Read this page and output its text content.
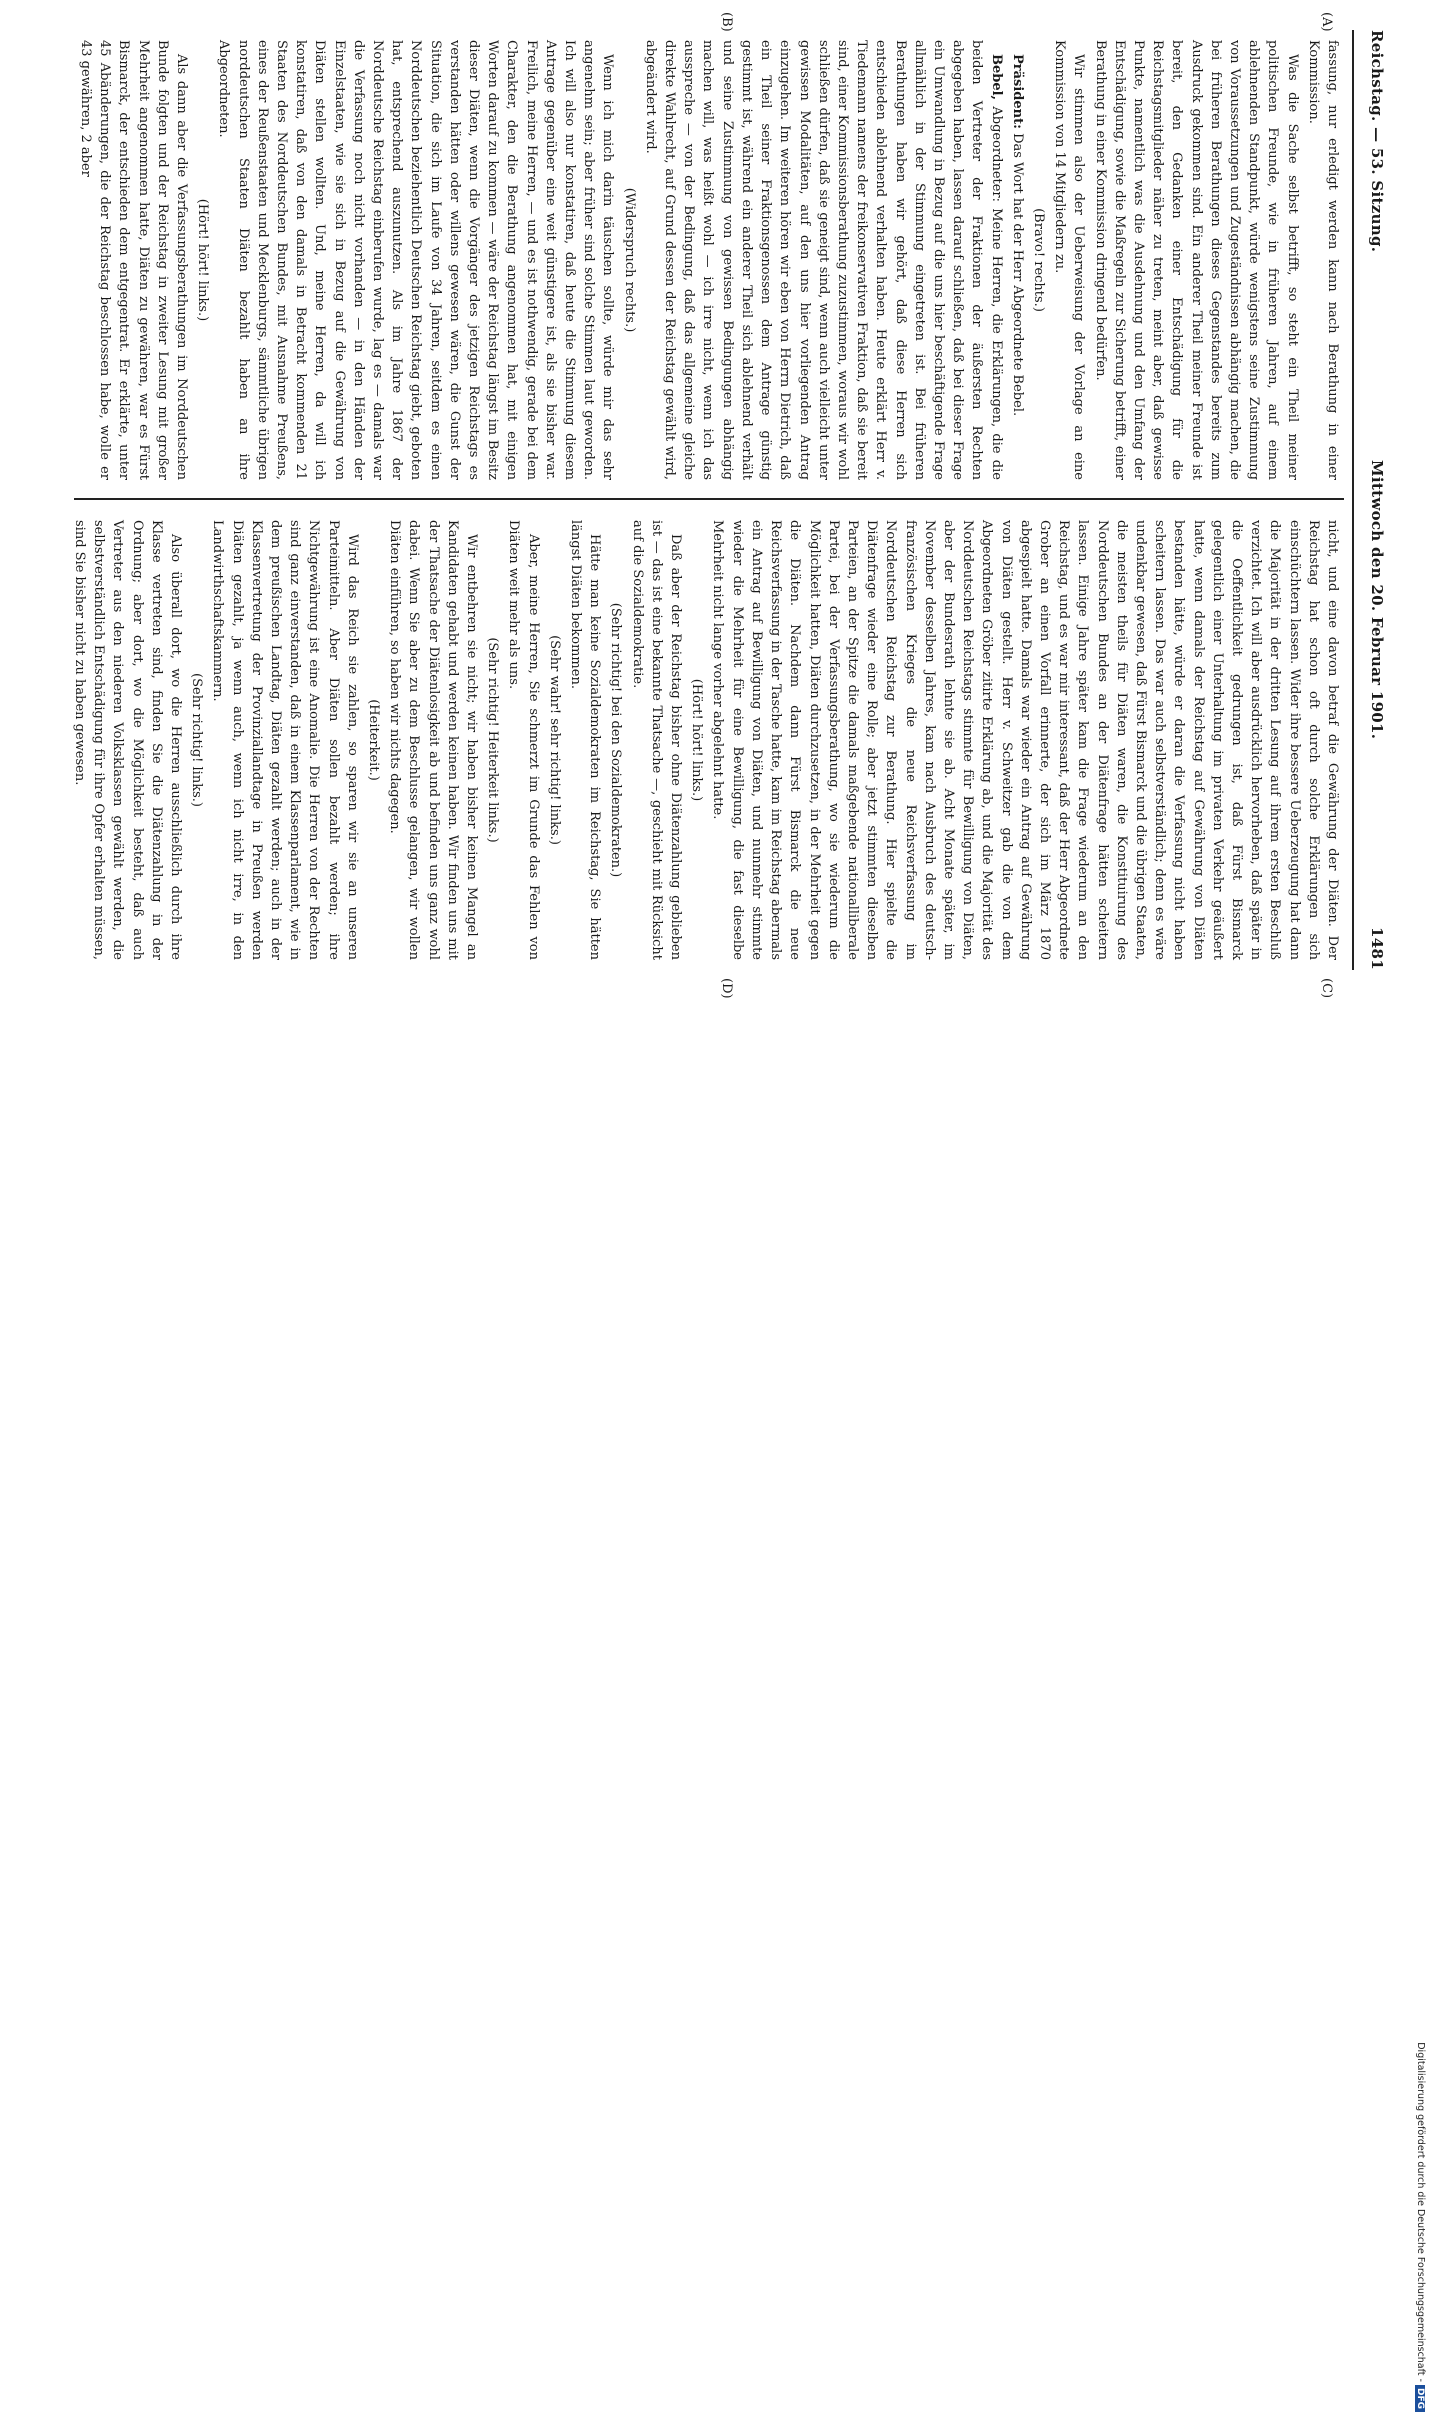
Reichstag. — 53. Sitzung.
Mittwoch den 20. Februar 1901.
1481
(A)
(B)
(C)
(D)

fassung, nur erledigt werden kann nach Berathung in einer Kommission.

Was die Sache selbst betrifft, so steht ein Theil meiner politischen Freunde, wie in früheren Jahren, auf einem ablehnenden Standpunkt, würde wenigstens seine Zustimmung von Voraussetzungen und Zugeständnissen abhängig machen, die bei früheren Berathungen dieses Gegenstandes bereits zum Ausdruck gekommen sind. Ein anderer Theil meiner Freunde ist bereit, den Gedanken einer Entschädigung für die Reichstagsmitglieder näher zu treten, meint aber, daß gewisse Punkte, namentlich was die Ausdehnung und den Umfang der Entschädigung, sowie die Maßregeln zur Sicherung betrifft, einer Berathung in einer Kommission dringend bedürfen.

Wir stimmen also der Ueberweisung der Vorlage an eine Kommission von 14 Mitgliedern zu.

(Bravo! rechts.)

Präsident: Das Wort hat der Herr Abgeordnete Bebel.

Bebel, Abgeordneter: Meine Herren, die Erklärungen, die die beiden Vertreter der Fraktionen der äußersten Rechten abgegeben haben, lassen darauf schließen, daß bei dieser Frage ein Umwandlung in Bezug auf die uns hier beschäftigende Frage allmählich in der Stimmung eingetreten ist. Bei früheren Berathungen haben wir gehört, daß diese Herren sich entschieden ablehnend verhalten haben. Heute erklärt Herr v. Tiedemann namens der freikonservativen Fraktion, daß sie bereit sind, einer Kommissionsberathung zuzustimmen, woraus wir wohl schließen dürfen, daß sie geneigt sind, wenn auch vielleicht unter gewissen Modalitäten, auf den uns hier vorliegenden Antrag einzugehen. Im weiteren hören wir eben von Herrn Dietrich, daß ein Theil seiner Fraktionsgenossen dem Antrage günstig gestimmt ist, während ein anderer Theil sich ablehnend verhält und seine Zustimmung von gewissen Bedingungen abhängig machen will, was heißt wohl — ich irre nicht, wenn ich das ausspreche — von der Bedingung, daß das allgemeine gleiche direkte Wahlrecht, auf Grund dessen der Reichstag gewählt wird, abgeändert wird.

(Widerspruch rechts.)

Wenn ich mich darin täuschen sollte, würde mir das sehr angenehm sein; aber früher sind solche Stimmen laut geworden. Ich will also nur konstatiren, daß heute die Stimmung diesem Antrage gegenüber eine weit günstigere ist, als sie bisher war. Freilich, meine Herren, — und es ist nothwendig, gerade bei dem Charakter, den die Berathung angenommen hat, mit einigen Worten darauf zu kommen — wäre der Reichstag längst im Besitz dieser Diäten, wenn die Vorgänger des jetzigen Reichstags es verstanden hätten oder willens gewesen wären, die Gunst der Situation, die sich im Laufe von 34 Jahren, seitdem es einen Norddeutschen beziehentlich Deutschen Reichstag giebt, geboten hat, entsprechend auszunutzen. Als im Jahre 1867 der Norddeutsche Reichstag einberufen wurde, lag es — damals war die Verfassung noch nicht vorhanden — in den Händen der Einzelstaaten, wie sie sich in Bezug auf die Gewährung von Diäten stellen wollten. Und, meine Herren, da will ich konstatiren, daß von den damals in Betracht kommenden 21 Staaten des Norddeutschen Bundes, mit Ausnahme Preußens, eines der Reußenstaaten und Mecklenburgs, sämmtliche übrigen norddeutschen Staaten Diäten bezahlt haben an ihre Abgeordneten.

(Hört! hört! links.)

Als dann aber die Verfassungsberathungen im Norddeutschen Bunde folgten und der Reichstag in zweiter Lesung mit großer Mehrheit angenommen hatte, Diäten zu gewähren, war es Fürst Bismarck, der entschieden dem entgegentrat. Er erklärte, unter 45 Abänderungen, die der Reichstag beschlossen habe, wolle er 43 gewähren, 2 aber

nicht, und eine davon betraf die Gewährung der Diäten. Der Reichstag hat schon oft durch solche Erklärungen sich einschüchtern lassen. Wider ihre bessere Ueberzeugung hat dann die Majorität in der dritten Lesung auf ihrem ersten Beschluß verzichtet. Ich will aber ausdrücklich hervorheben, daß später in die Oeffentlichkeit gedrungen ist, daß Fürst Bismarck gelegentlich einer Unterhaltung im privaten Verkehr geäußert hatte, wenn damals der Reichstag auf Gewährung von Diäten bestanden hätte, würde er daran die Verfassung nicht haben scheitern lassen. Das war auch selbstverständlich; denn es wäre undenkbar gewesen, daß Fürst Bismarck und die übrigen Staaten, die meisten theils für Diäten waren, die Konstituirung des Norddeutschen Bundes an der Diätenfrage hätten scheitern lassen. Einige Jahre später kam die Frage wiederum an den Reichstag, und es war mir interessant, daß der Herr Abgeordnete Grober an einen Vorfall erinnerte, der sich im März 1870 abgespielt hatte. Damals war wieder ein Antrag auf Gewährung von Diäten gestellt. Herr v. Schweitzer gab die von dem Abgeordneten Gröber zitirte Erklärung ab, und die Majorität des Norddeutschen Reichstags stimmte für Bewilligung von Diäten, aber der Bundesrath lehnte sie ab. Acht Monate später, im November desselben Jahres, kam nach Ausbruch des deutsch-französischen Krieges die neue Reichsverfassung im Norddeutschen Reichstag zur Berathung. Hier spielte die Diätenfrage wieder eine Rolle; aber jetzt stimmten dieselben Parteien, an der Spitze die damals maßgebende nationalliberale Partei, bei der Verfassungsberathung, wo sie wiederum die Möglichkeit hatten, Diäten durchzusetzen, in der Mehrheit gegen die Diäten. Nachdem dann Fürst Bismarck die neue Reichsverfassung in der Tasche hatte, kam im Reichstag abermals ein Antrag auf Bewilligung von Diäten, und nunmehr stimmte wieder die Mehrheit für eine Bewilligung, die fast dieselbe Mehrheit nicht lange vorher abgelehnt hatte.

(Hört! hört! links.)

Daß aber der Reichstag bisher ohne Diätenzahlung geblieben ist — das ist eine bekannte Thatsache —, geschieht mit Rücksicht auf die Sozialdemokratie.

(Sehr richtig! bei den Sozialdemokraten.)

Hätte man keine Sozialdemokraten im Reichstag, Sie hätten längst Diäten bekommen.

(Sehr wahr! sehr richtig! links.)

Aber, meine Herren, Sie schmerzt im Grunde das Fehlen von Diäten weit mehr als uns.

(Sehr richtig! Heiterkeit links.)

Wir entbehren sie nicht; wir haben bisher keinen Mangel an Kandidaten gehabt und werden keinen haben. Wir finden uns mit der Thatsache der Diätenlosigkeit ab und befinden uns ganz wohl dabei. Wenn Sie aber zu dem Beschlusse gelangen, wir wollen Diäten einführen, so haben wir nichts dagegen.

(Heiterkeit.)

Wird das Reich sie zahlen, so sparen wir sie an unseren Parteimitteln. Aber Diäten sollen bezahlt werden; ihre Nichtgewährung ist eine Anomalie. Die Herren von der Rechten sind ganz einverstanden, daß in einem Klassenparlament, wie in dem preußischen Landtag, Diäten gezahlt werden; auch in der Klassenvertretung der Provinziallandtage in Preußen werden Diäten gezahlt, ja wenn auch, wenn ich nicht irre, in den Landwirthschaftskammern.

(Sehr richtig! links.)

Also überall dort, wo die Herren ausschließlich durch ihre Klasse vertreten sind, finden Sie die Diätenzahlung in der Ordnung; aber dort, wo die Möglichkeit besteht, daß auch Vertreter aus den niederen Volksklassen gewählt werden, die selbstverständlich Entschädigung für ihre Opfer erhalten müssen, sind Sie bisher nicht zu haben gewesen.

Digitalisierung gefördert durch die Deutsche Forschungsgemeinschaft -DFG
